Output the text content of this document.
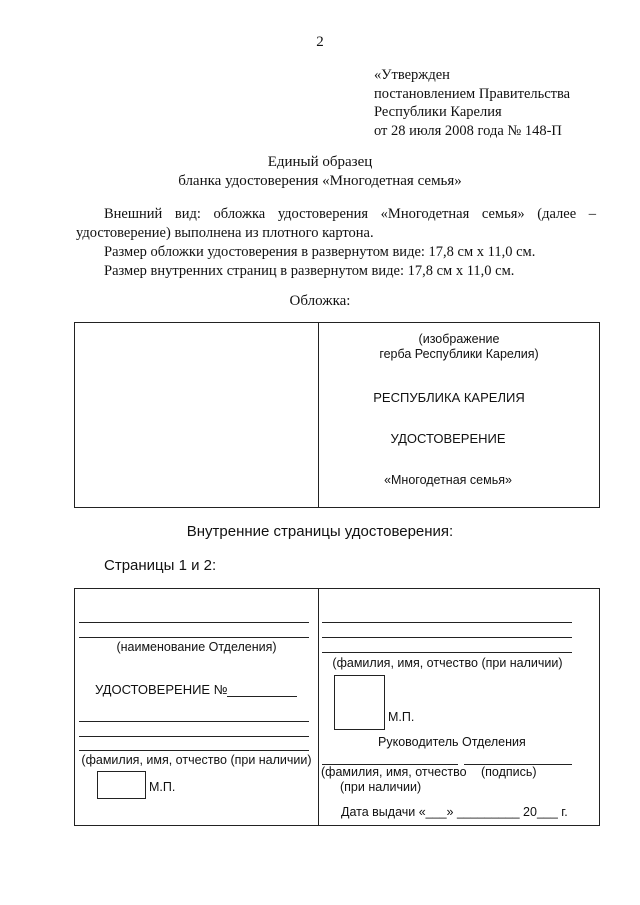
2
«Утвержден
постановлением Правительства
Республики Карелия
от 28 июля 2008 года № 148-П
Единый образец
бланка удостоверения «Многодетная семья»

Внешний вид: обложка удостоверения «Многодетная семья» (далее –

удостоверение) выполнена из плотного картона.

Размер обложки удостоверения в развернутом виде: 17,8 см х 11,0 см.

Размер внутренних страниц в развернутом виде: 17,8 см х 11,0 см.

Обложка:
(изображение
герба Республики Карелия)
РЕСПУБЛИКА КАРЕЛИЯ
УДОСТОВЕРЕНИЕ
«Многодетная семья»
Внутренние страницы удостоверения:
Страницы 1 и 2:
(наименование Отделения)
УДОСТОВЕРЕНИЕ №
(фамилия, имя, отчество (при наличии)
М.П.
(фамилия, имя, отчество (при наличии)
М.П.
Руководитель Отделения
(фамилия, имя, отчество
(при наличии)
(подпись)
Дата выдачи «___» _________ 20___ г.
